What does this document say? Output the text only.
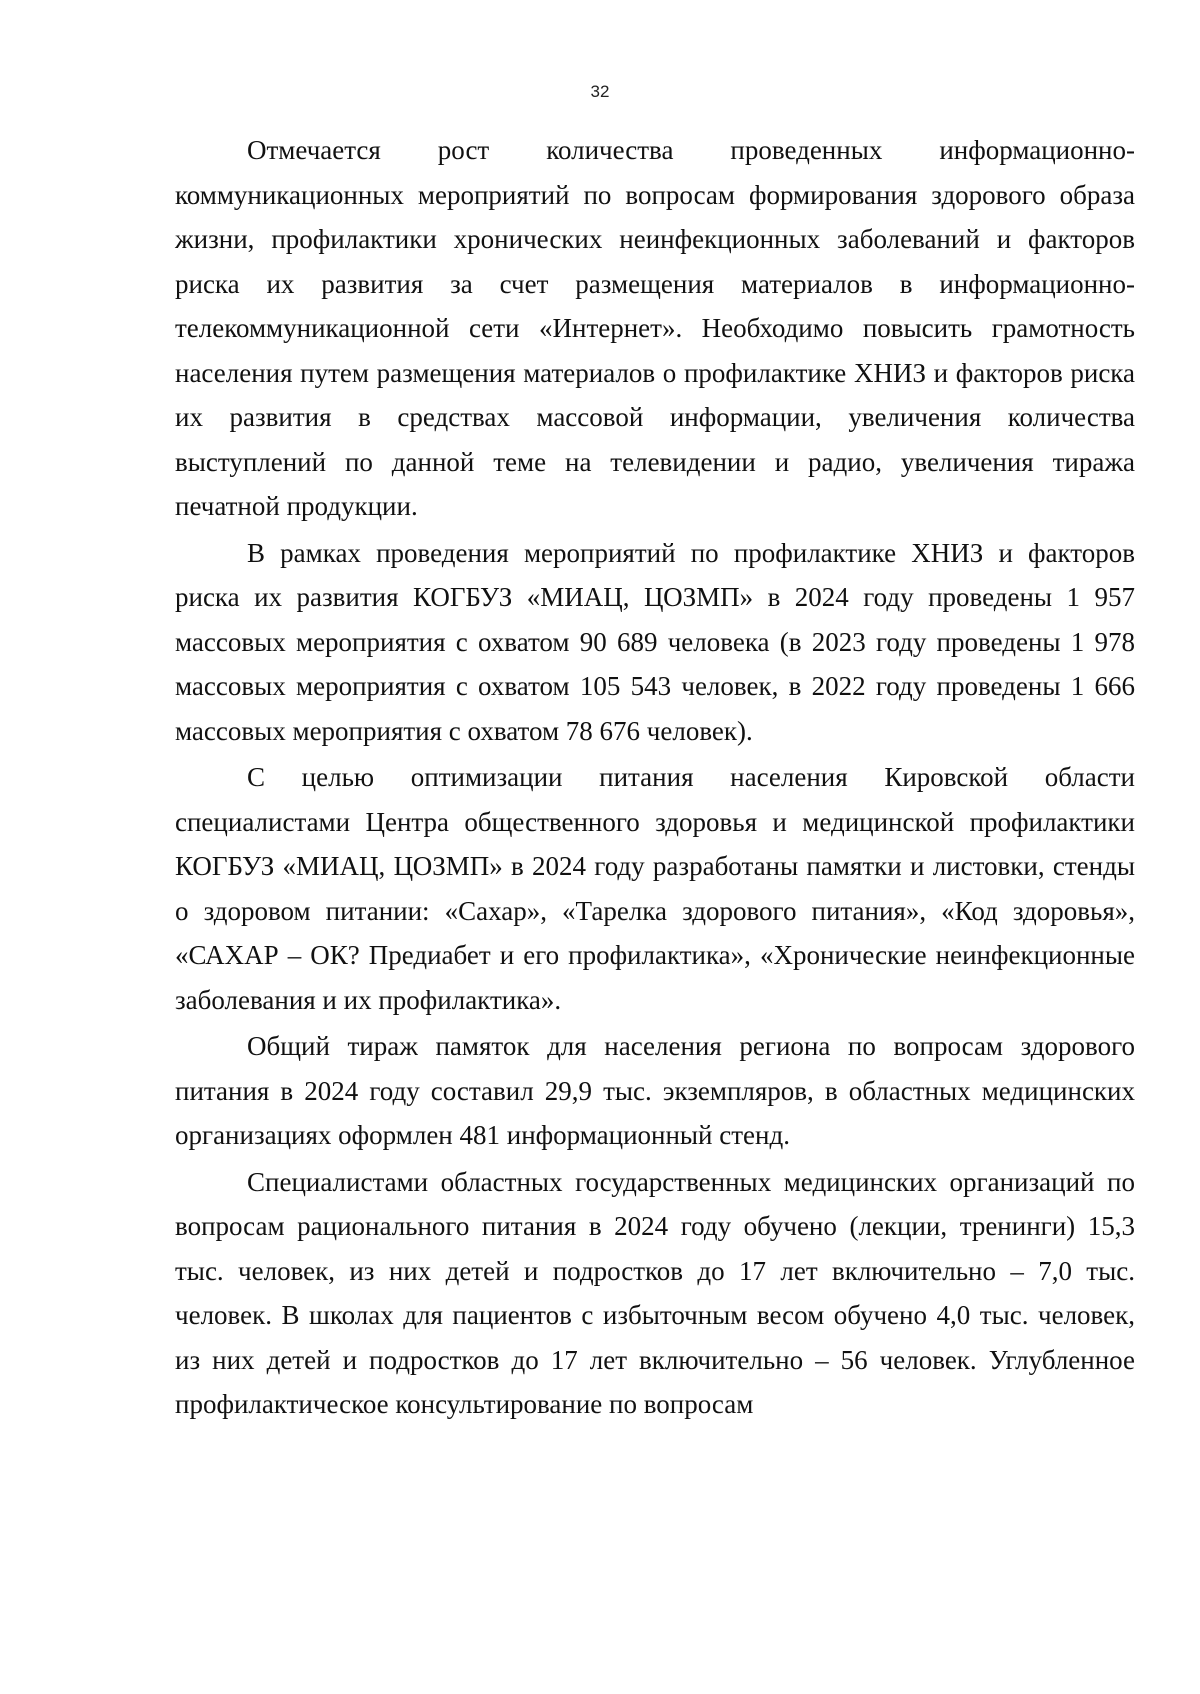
32

Отмечается рост количества проведенных информационно-коммуникационных мероприятий по вопросам формирования здорового образа жизни, профилактики хронических неинфекционных заболеваний и факторов риска их развития за счет размещения материалов в информационно-телекоммуникационной сети «Интернет». Необходимо повысить грамотность населения путем размещения материалов о профилактике ХНИЗ и факторов риска их развития в средствах массовой информации, увеличения количества выступлений по данной теме на телевидении и радио, увеличения тиража печатной продукции.

В рамках проведения мероприятий по профилактике ХНИЗ и факторов риска их развития КОГБУЗ «МИАЦ, ЦОЗМП» в 2024 году проведены 1 957 массовых мероприятия с охватом 90 689 человека (в 2023 году проведены 1 978 массовых мероприятия с охватом 105 543 человек, в 2022 году проведены 1 666 массовых мероприятия с охватом 78 676 человек).

С целью оптимизации питания населения Кировской области специалистами Центра общественного здоровья и медицинской профилактики КОГБУЗ «МИАЦ, ЦОЗМП» в 2024 году разработаны памятки и листовки, стенды о здоровом питании: «Сахар», «Тарелка здорового питания», «Код здоровья», «САХАР – ОК? Предиабет и его профилактика», «Хронические неинфекционные заболевания и их профилактика».

Общий тираж памяток для населения региона по вопросам здорового питания в 2024 году составил 29,9 тыс. экземпляров, в областных медицинских организациях оформлен 481 информационный стенд.

Специалистами областных государственных медицинских организаций по вопросам рационального питания в 2024 году обучено (лекции, тренинги) 15,3 тыс. человек, из них детей и подростков до 17 лет включительно – 7,0 тыс. человек. В школах для пациентов с избыточным весом обучено 4,0 тыс. человек, из них детей и подростков до 17 лет включительно – 56 человек. Углубленное профилактическое консультирование по вопросам
